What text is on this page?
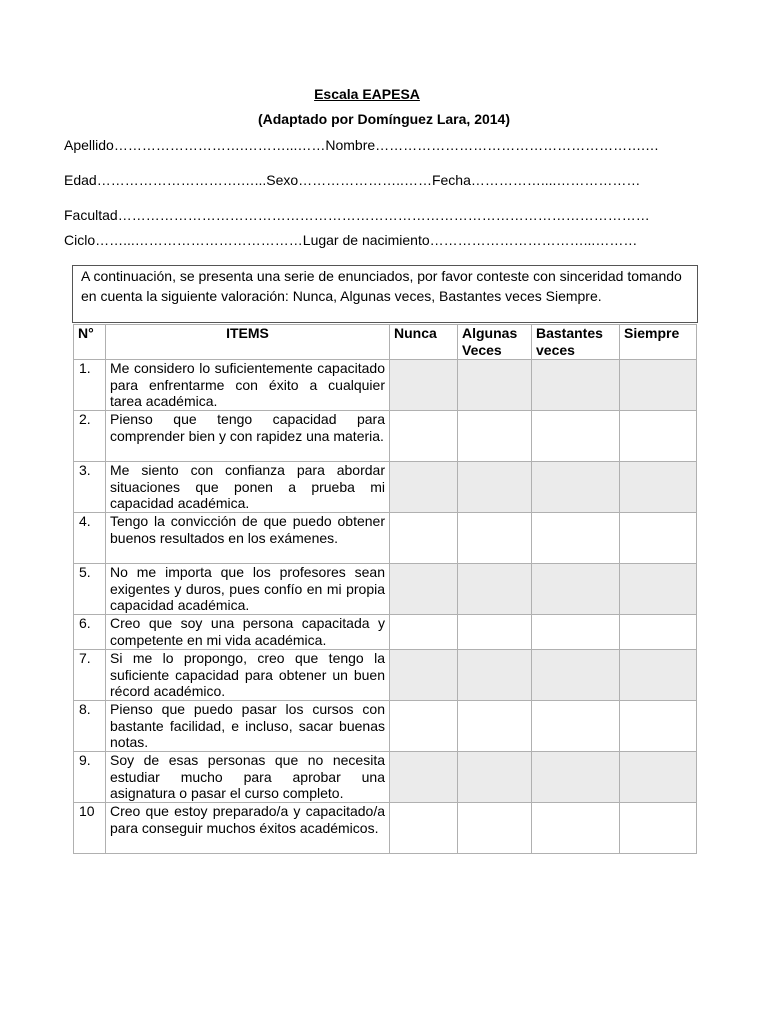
Escala EAPESA
(Adaptado por Domínguez Lara, 2014)
Apellido……………………….………...……Nombre………………………………………………….…
Edad………………………….…...Sexo…………………..……Fecha……………....………………
Facultad……………………………………………………………………………………………………
Ciclo……...………………………………Lugar de nacimiento……………………………...………
A continuación, se presenta una serie de enunciados, por favor conteste con sinceridad tomando en cuenta la siguiente valoración: Nunca, Algunas veces, Bastantes veces Siempre.
N°	ITEMS	Nunca	Algunas Veces	Bastantes veces	Siempre
1.	Me considero lo suficientemente capacitado para enfrentarme con éxito a cualquier tarea académica.				
2.	Pienso que tengo capacidad para comprender bien y con rapidez una materia.				
3.	Me siento con confianza para abordar situaciones que ponen a prueba mi capacidad académica.				
4.	Tengo la convicción de que puedo obtener buenos resultados en los exámenes.				
5.	No me importa que los profesores sean exigentes y duros, pues confío en mi propia capacidad académica.				
6.	Creo que soy una persona capacitada y competente en mi vida académica.				
7.	Si me lo propongo, creo que tengo la suficiente capacidad para obtener un buen récord académico.				
8.	Pienso que puedo pasar los cursos con bastante facilidad, e incluso, sacar buenas notas.				
9.	Soy de esas personas que no necesita estudiar mucho para aprobar una asignatura o pasar el curso completo.				
10	Creo que estoy preparado/a y capacitado/a para conseguir muchos éxitos académicos.				
